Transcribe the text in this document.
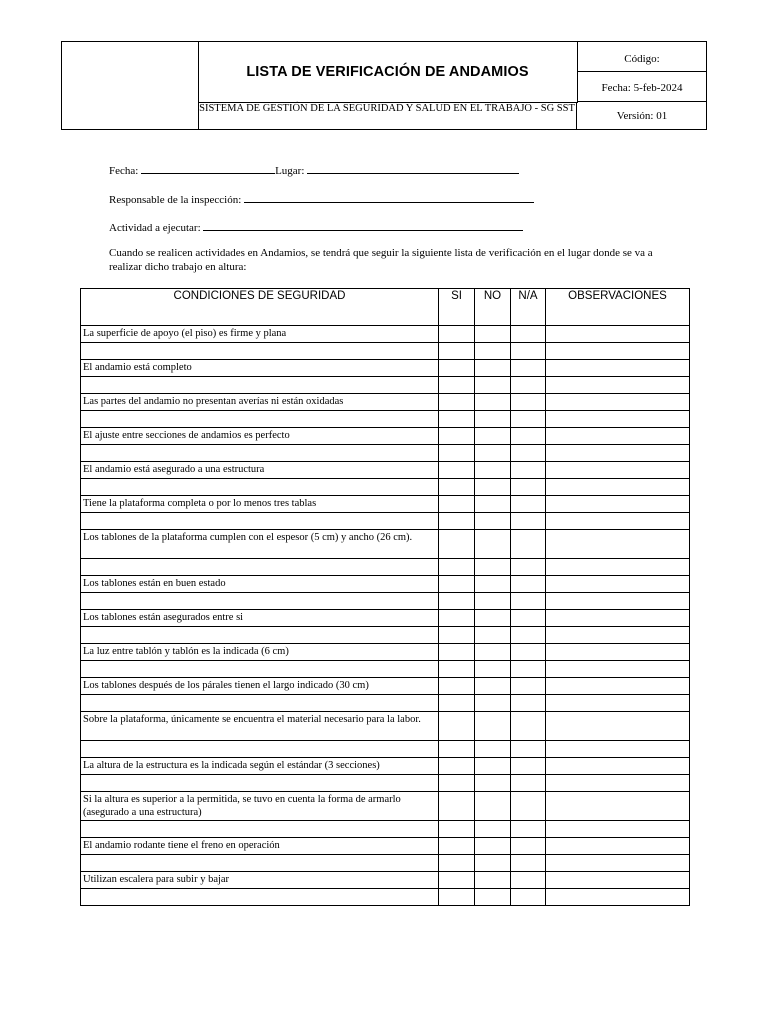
LISTA DE VERIFICACIÓN DE ANDAMIOS
SISTEMA DE GESTIÓN DE LA SEGURIDAD Y SALUD EN EL TRABAJO - SG SST
Código:
Fecha: 5-feb-2024
Versión: 01
Fecha:	Lugar:
Responsable de la inspección:
Actividad a ejecutar:
Cuando se realicen actividades en Andamios, se tendrá que seguir la siguiente lista de verificación en el lugar donde se va a realizar dicho trabajo en altura:
CONDICIONES DE SEGURIDAD	SI	NO	N/A	OBSERVACIONES
La superficie de apoyo (el piso) es firme y plana				

El andamio está completo				

Las partes del andamio no presentan averías ni están oxidadas				

El ajuste entre secciones de andamios es perfecto				

El andamio está asegurado a una estructura				

Tiene la plataforma completa o por lo menos tres tablas				

Los tablones de la plataforma cumplen con el espesor (5 cm) y ancho (26 cm).				

Los tablones están en buen estado				

Los tablones están asegurados entre si				

La luz entre tablón y tablón es la indicada (6 cm)				

Los tablones después de los párales tienen el largo indicado (30 cm)				

Sobre la plataforma, únicamente se encuentra el material necesario para la labor.				

La altura de la estructura es la indicada según el estándar (3 secciones)				

Si la altura es superior a la permitida, se tuvo en cuenta la forma de armarlo (asegurado a una estructura)				

El andamio rodante tiene el freno en operación				

Utilizan escalera para subir y bajar				
